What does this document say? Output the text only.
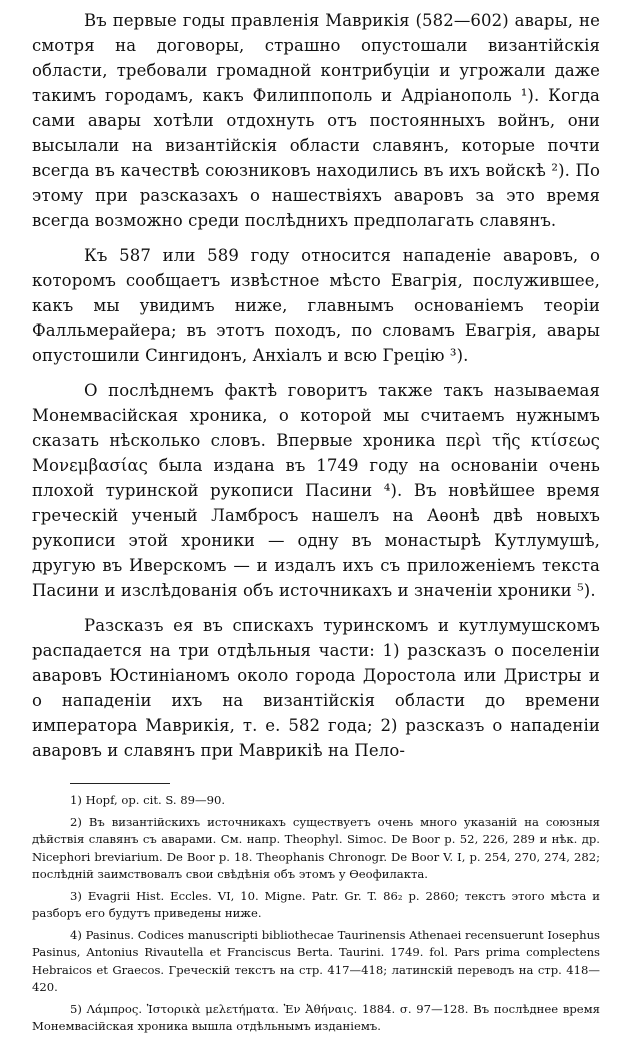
Въ первые годы правленія Маврикія (582—602) авары, не смотря на договоры, страшно опустошали византійскія области, требовали громадной контрибуціи и угрожали даже такимъ городамъ, какъ Филиппополь и Адріанополь ¹). Когда сами авары хотѣли отдохнуть отъ постоянныхъ войнъ, они высылали на византійскія области славянъ, которые почти всегда въ качествѣ союзниковъ находились въ ихъ войскѣ ²). По этому при разсказахъ о нашествіяхъ аваровъ за это время всегда возможно среди послѣднихъ предполагать славянъ.

Къ 587 или 589 году относится нападеніе аваровъ, о которомъ сообщаетъ извѣстное мѣсто Евагрія, послужившее, какъ мы увидимъ ниже, главнымъ основаніемъ теоріи Фалльмерайера; въ этотъ походъ, по словамъ Евагрія, авары опустошили Сингидонъ, Анхіалъ и всю Грецію ³).

О послѣднемъ фактѣ говоритъ также такъ называемая Монемвасійская хроника, о которой мы считаемъ нужнымъ сказать нѣсколько словъ. Впервые хроника περὶ τῆς κτίσεως Μονεμβασίας была издана въ 1749 году на основаніи очень плохой туринской рукописи Пасини ⁴). Въ новѣйшее время греческій ученый Ламбросъ нашелъ на Аѳонѣ двѣ новыхъ рукописи этой хроники — одну въ монастырѣ Кутлумушѣ, другую въ Иверскомъ — и издалъ ихъ съ приложеніемъ текста Пасини и изслѣдованія объ источникахъ и значеніи хроники ⁵).

Разсказъ ея въ спискахъ туринскомъ и кутлумушскомъ распадается на три отдѣльныя части: 1) разсказъ о поселеніи аваровъ Юстиніаномъ около города Доростола или Дристры и о нападеніи ихъ на византійскія области до времени императора Маврикія, т. е. 582 года; 2) разсказъ о нападеніи аваровъ и славянъ при Маврикіѣ на Пело-

1) Hopf, op. cit. S. 89—90.

2) Въ византійскихъ источникахъ существуетъ очень много указаній на союзныя дѣйствія славянъ съ аварами. См. напр. Theophyl. Simoc. De Boor p. 52, 226, 289 и нѣк. др. Nicephori breviarium. De Boor p. 18. Theophanis Chronogr. De Boor V. I, p. 254, 270, 274, 282; послѣдній заимствовалъ свои свѣдѣнія объ этомъ у Ѳеофилакта.

3) Evagrii Hist. Eccles. VI, 10. Migne. Patr. Gr. T. 86₂ p. 2860; текстъ этого мѣста и разборъ его будутъ приведены ниже.

4) Pasinus. Codices manuscripti bibliothecae Taurinensis Athenaei recensuerunt Iosephus Pasinus, Antonius Rivautella et Franciscus Berta. Taurini. 1749. fol. Pars prima complectens Hebraicos et Graecos. Греческій текстъ на стр. 417—418; латинскій переводъ на стр. 418—420.

5) Λάμπρος. Ἱστορικὰ μελετήματα. Ἐν Ἀθήναις. 1884. σ. 97—128. Въ послѣднее время Монемвасійская хроника вышла отдѣльнымъ изданіемъ.
